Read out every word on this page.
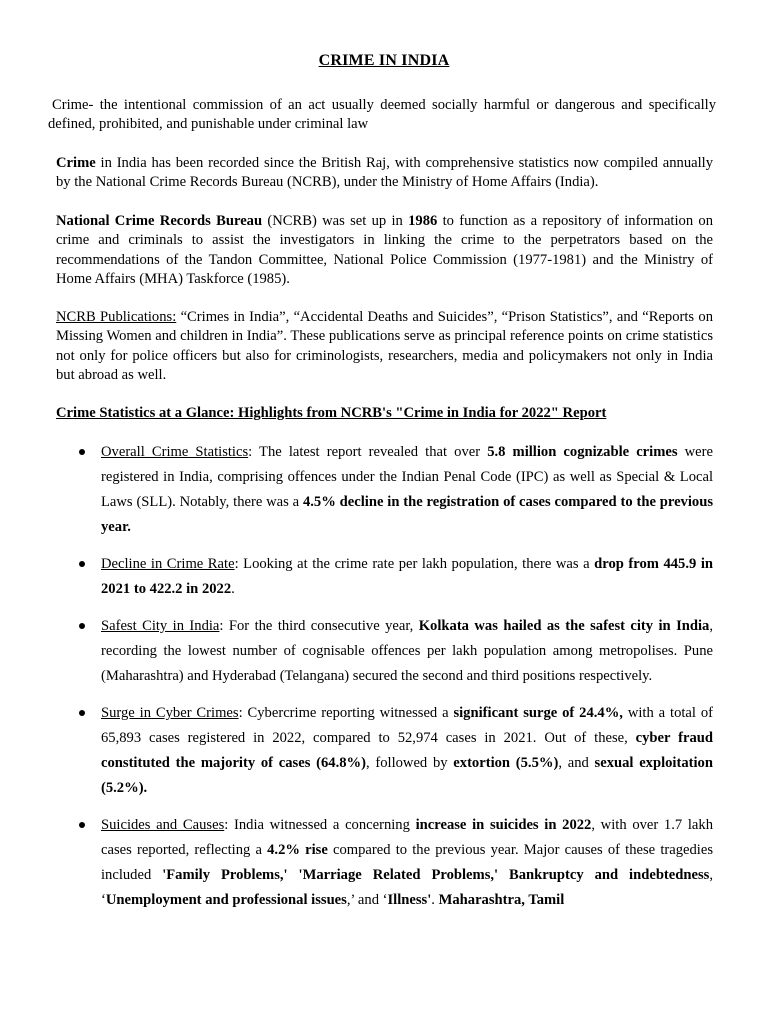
CRIME IN INDIA
Crime- the intentional commission of an act usually deemed socially harmful or dangerous and specifically defined, prohibited, and punishable under criminal law
Crime in India has been recorded since the British Raj, with comprehensive statistics now compiled annually by the National Crime Records Bureau (NCRB), under the Ministry of Home Affairs (India).
National Crime Records Bureau (NCRB) was set up in 1986 to function as a repository of information on crime and criminals to assist the investigators in linking the crime to the perpetrators based on the recommendations of the Tandon Committee, National Police Commission (1977-1981) and the Ministry of Home Affairs (MHA) Taskforce (1985).
NCRB Publications: “Crimes in India”, “Accidental Deaths and Suicides”, “Prison Statistics”, and “Reports on Missing Women and children in India”. These publications serve as principal reference points on crime statistics not only for police officers but also for criminologists, researchers, media and policymakers not only in India but abroad as well.
Crime Statistics at a Glance: Highlights from NCRB's "Crime in India for 2022" Report
Overall Crime Statistics: The latest report revealed that over 5.8 million cognizable crimes were registered in India, comprising offences under the Indian Penal Code (IPC) as well as Special & Local Laws (SLL). Notably, there was a 4.5% decline in the registration of cases compared to the previous year.
Decline in Crime Rate: Looking at the crime rate per lakh population, there was a drop from 445.9 in 2021 to 422.2 in 2022.
Safest City in India: For the third consecutive year, Kolkata was hailed as the safest city in India, recording the lowest number of cognisable offences per lakh population among metropolises. Pune (Maharashtra) and Hyderabad (Telangana) secured the second and third positions respectively.
Surge in Cyber Crimes: Cybercrime reporting witnessed a significant surge of 24.4%, with a total of 65,893 cases registered in 2022, compared to 52,974 cases in 2021. Out of these, cyber fraud constituted the majority of cases (64.8%), followed by extortion (5.5%), and sexual exploitation (5.2%).
Suicides and Causes: India witnessed a concerning increase in suicides in 2022, with over 1.7 lakh cases reported, reflecting a 4.2% rise compared to the previous year. Major causes of these tragedies included 'Family Problems,' 'Marriage Related Problems,' Bankruptcy and indebtedness, ‘Unemployment and professional issues,’ and ‘Illness'. Maharashtra, Tamil
